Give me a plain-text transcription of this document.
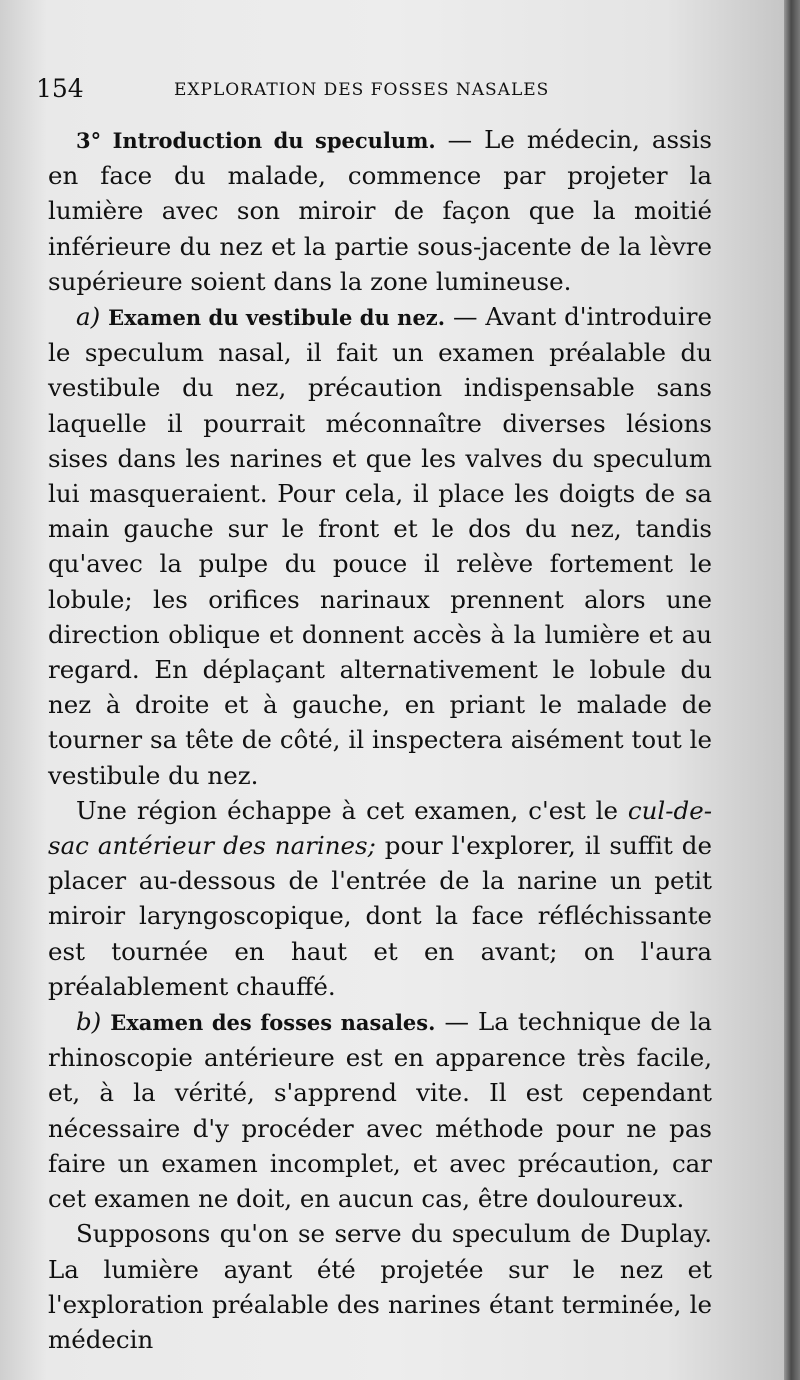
154	EXPLORATION DES FOSSES NASALES

3° Introduction du speculum. — Le médecin, assis en face du malade, commence par projeter la lumière avec son miroir de façon que la moitié inférieure du nez et la partie sous-jacente de la lèvre supérieure soient dans la zone lumineuse.

a) Examen du vestibule du nez. — Avant d'introduire le speculum nasal, il fait un examen préalable du vestibule du nez, précaution indispensable sans laquelle il pourrait méconnaître diverses lésions sises dans les narines et que les valves du speculum lui masqueraient. Pour cela, il place les doigts de sa main gauche sur le front et le dos du nez, tandis qu'avec la pulpe du pouce il relève fortement le lobule; les orifices narinaux prennent alors une direction oblique et donnent accès à la lumière et au regard. En déplaçant alternativement le lobule du nez à droite et à gauche, en priant le malade de tourner sa tête de côté, il inspectera aisément tout le vestibule du nez.

Une région échappe à cet examen, c'est le cul-de-sac antérieur des narines; pour l'explorer, il suffit de placer au-dessous de l'entrée de la narine un petit miroir laryngoscopique, dont la face réfléchissante est tournée en haut et en avant; on l'aura préalablement chauffé.

b) Examen des fosses nasales. — La technique de la rhinoscopie antérieure est en apparence très facile, et, à la vérité, s'apprend vite. Il est cependant nécessaire d'y procéder avec méthode pour ne pas faire un examen incomplet, et avec précaution, car cet examen ne doit, en aucun cas, être douloureux.

Supposons qu'on se serve du speculum de Duplay. La lumière ayant été projetée sur le nez et l'exploration préalable des narines étant terminée, le médecin
